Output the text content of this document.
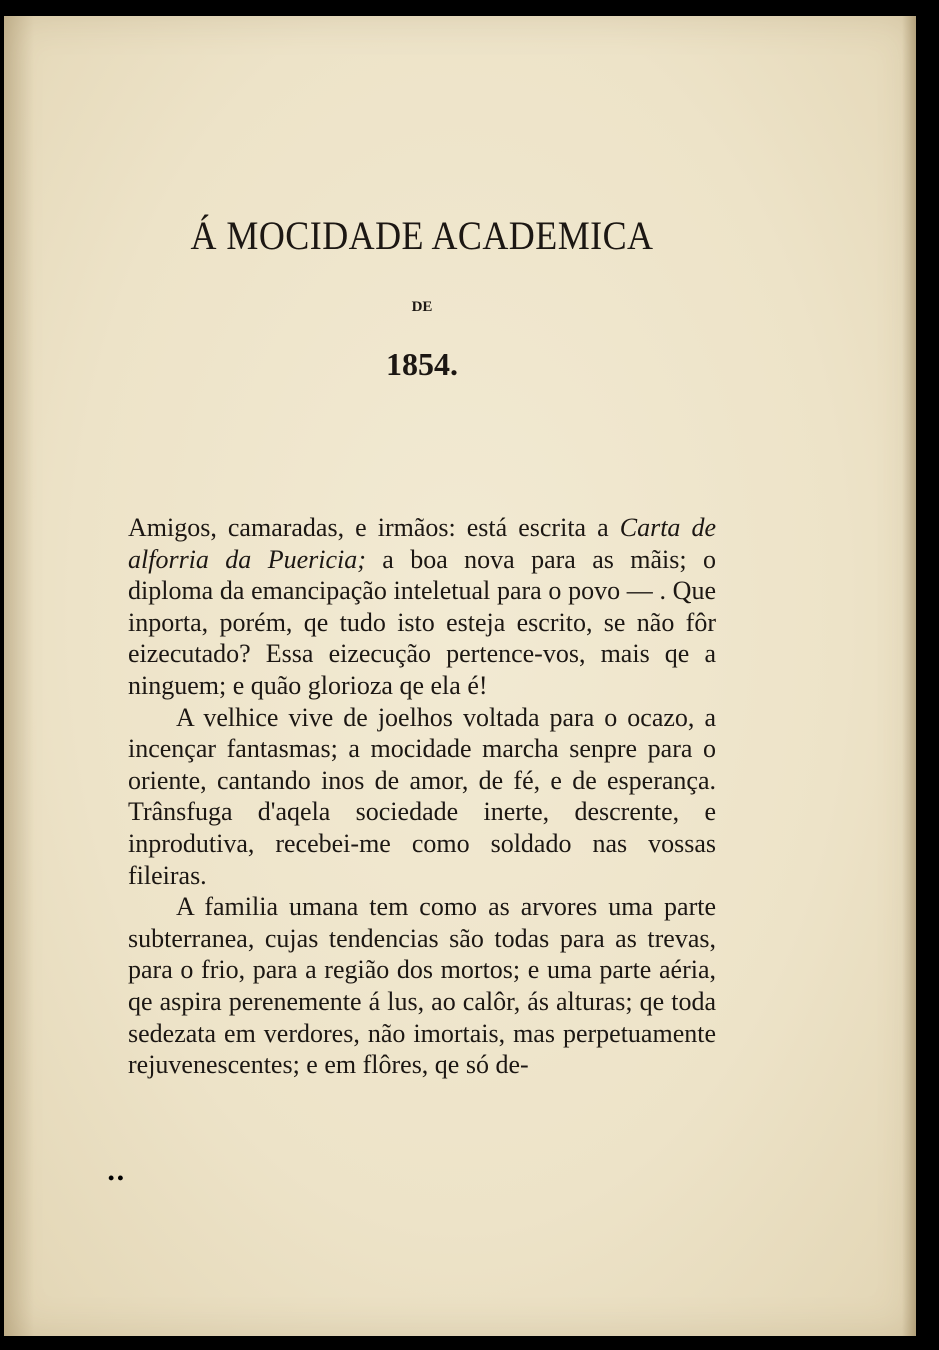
Á MOCIDADE ACADEMICA

DE

1854.

Amigos, camaradas, e irmãos: está escrita a Carta de alforria da Puericia; a boa nova para as mãis; o diploma da emancipação inteletual para o povo — . Que inporta, porém, qe tudo isto esteja escrito, se não fôr eizecutado? Essa eizecução pertence-vos, mais qe a ninguem; e quão glorioza qe ela é!

A velhice vive de joelhos voltada para o ocazo, a incençar fantasmas; a mocidade marcha senpre para o oriente, cantando inos de amor, de fé, e de esperança. Trânsfuga d'aqela sociedade inerte, descrente, e inprodutiva, recebei-me como soldado nas vossas fileiras.

A familia umana tem como as arvores uma parte subterranea, cujas tendencias são todas para as trevas, para o frio, para a região dos mortos; e uma parte aéria, qe aspira perenemente á lus, ao calôr, ás alturas; qe toda sedezata em verdores, não imortais, mas perpetuamente rejuvenescentes; e em flôres, qe só de-

••
